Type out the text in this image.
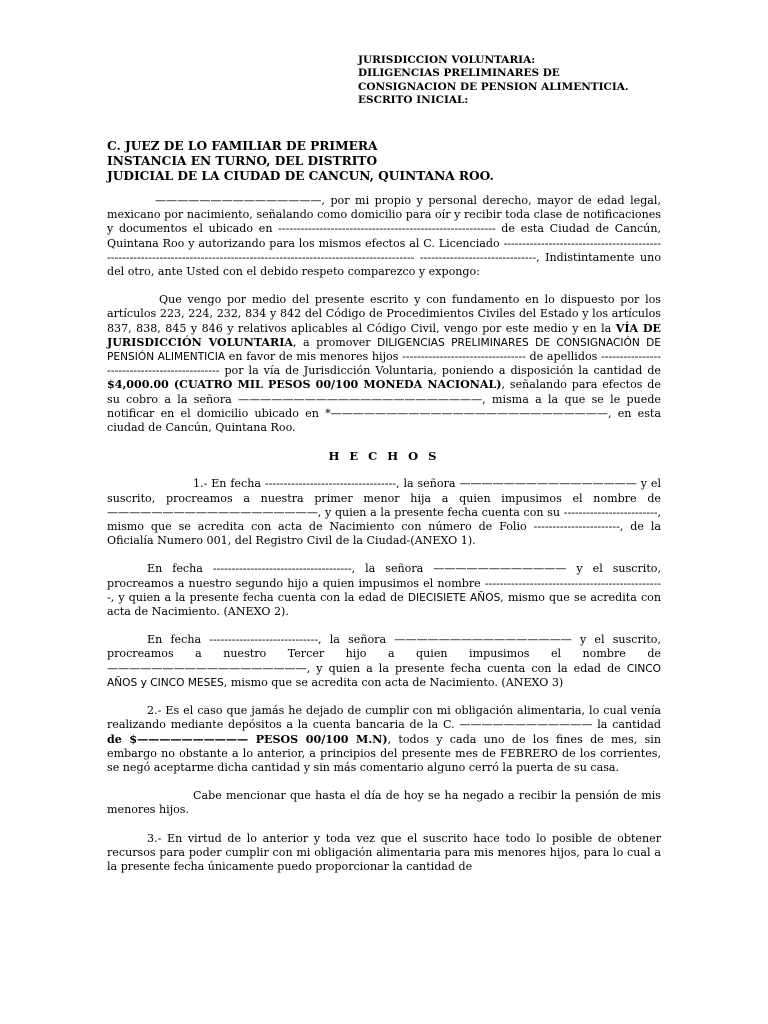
JURISDICCION VOLUNTARIA:
DILIGENCIAS PRELIMINARES DE
CONSIGNACION DE PENSION ALIMENTICIA.
ESCRITO INICIAL:
C. JUEZ DE LO FAMILIAR DE PRIMERA
INSTANCIA EN TURNO, DEL DISTRITO
JUDICIAL DE LA CIUDAD DE CANCUN, QUINTANA ROO.

———————————————, por mi propio y personal derecho, mayor de edad legal, mexicano por nacimiento, señalando como domicilio para oír y recibir toda clase de notificaciones y documentos el ubicado en ---------------------------------------------------------- de esta Ciudad de Cancún, Quintana Roo y autorizando para los mismos efectos al C. Licenciado ---------------------------------------------------------------------------------------------------------------------------- -------------------------------, Indistintamente uno del otro, ante Usted con el debido respeto comparezco y expongo:

Que vengo por medio del presente escrito y con fundamento en lo dispuesto por los artículos 223, 224, 232, 834 y 842 del Código de Procedimientos Civiles del Estado y los artículos 837, 838, 845 y 846 y relativos aplicables al Código Civil, vengo por este medio y en la VÍA DE JURISDICCIÓN VOLUNTARIA, a promover DILIGENCIAS PRELIMINARES DE CONSIGNACIÓN DE PENSIÓN ALIMENTICIA en favor de mis menores hijos --------------------------------- de apellidos ---------------------------------------------- por la vía de Jurisdicción Voluntaria, poniendo a disposición la cantidad de $4,000.00 (CUATRO MIL PESOS 00/100 MONEDA NACIONAL), señalando para efectos de su cobro a la señora ——————————————————————, misma a la que se le puede notificar en el domicilio ubicado en *—————————————————————————, en esta ciudad de Cancún, Quintana Roo.

H E C H O S

1.- En fecha -----------------------------------, la señora ———————————————— y el suscrito, procreamos a nuestra primer menor hija a quien impusimos el nombre de ———————————————————, y quien a la presente fecha cuenta con su -------------------------, mismo que se acredita con acta de Nacimiento con número de Folio -----------------------, de la Oficialía Numero 001, del Registro Civil de la Ciudad-(ANEXO 1).

En fecha -------------------------------------, la señora ———————————— y el suscrito, procreamos a nuestro segundo hijo a quien impusimos el nombre ------------------------------------------------, y quien a la presente fecha cuenta con la edad de DIECISIETE AÑOS, mismo que se acredita con acta de Nacimiento. (ANEXO 2).

En fecha -----------------------------, la señora ———————————————— y el suscrito, procreamos a nuestro Tercer hijo a quien impusimos el nombre de ——————————————————, y quien a la presente fecha cuenta con la edad de CINCO AÑOS y CINCO MESES, mismo que se acredita con acta de Nacimiento. (ANEXO 3)

2.- Es el caso que jamás he dejado de cumplir con mi obligación alimentaria, lo cual venía realizando mediante depósitos a la cuenta bancaria de la C. ———————————— la cantidad de $—————————— PESOS 00/100 M.N), todos y cada uno de los fines de mes, sin embargo no obstante a lo anterior, a principios del presente mes de FEBRERO de los corrientes, se negó aceptarme dicha cantidad y sin más comentario alguno cerró la puerta de su casa.

Cabe mencionar que hasta el día de hoy se ha negado a recibir la pensión de mis menores hijos.

3.- En virtud de lo anterior y toda vez que el suscrito hace todo lo posible de obtener recursos para poder cumplir con mi obligación alimentaria para mis menores hijos, para lo cual a la presente fecha únicamente puedo proporcionar la cantidad de
